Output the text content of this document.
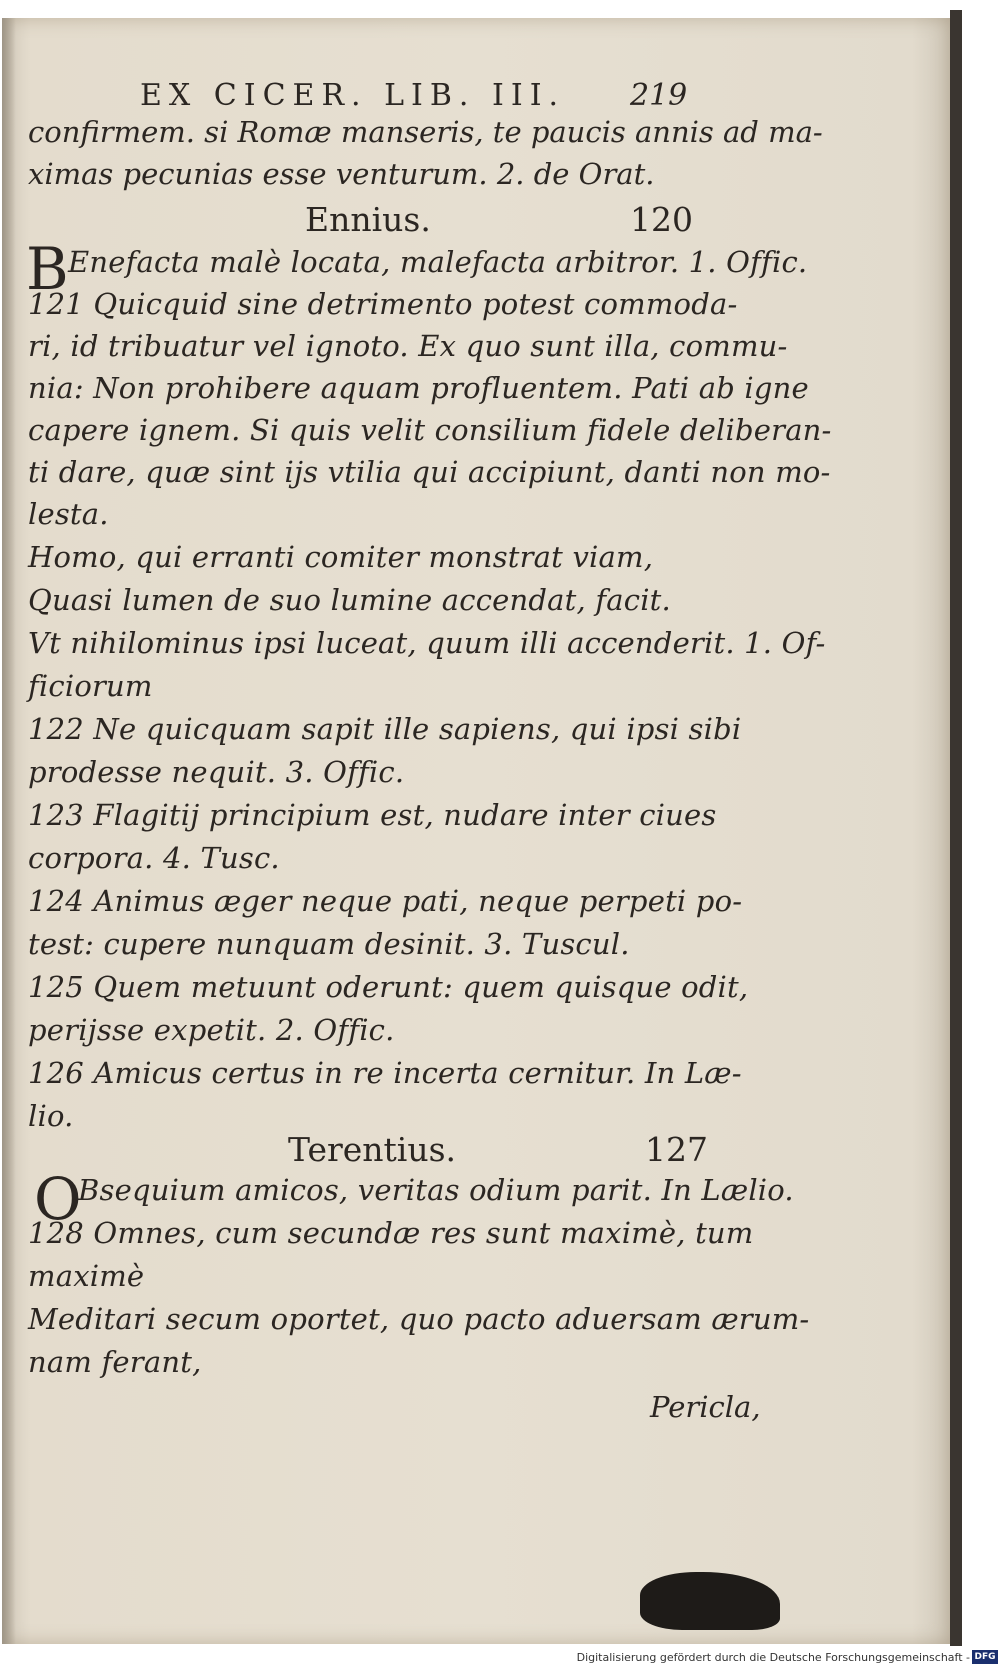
EX CICER. LIB. III. 219
confirmem. si Romæ manseris, te paucis annis ad ma-
ximas pecunias esse venturum. 2. de Orat.
Ennius.	120
B Enefacta malè locata, malefacta arbitror. 1. Offic.
121 Quicquid sine detrimento potest commoda-
ri, id tribuatur vel ignoto. Ex quo sunt illa, commu-
nia: Non prohibere aquam profluentem. Pati ab igne
capere ignem. Si quis velit consilium fidele deliberan-
ti dare, quæ sint ijs vtilia qui accipiunt, danti non mo-
lesta.
Homo, qui erranti comiter monstrat viam,
Quasi lumen de suo lumine accendat, facit.
Vt nihilominus ipsi luceat, quum illi accenderit. 1. Of-
ficiorum
122 Ne quicquam sapit ille sapiens, qui ipsi sibi
prodesse nequit. 3. Offic.
123 Flagitij principium est, nudare inter ciues
corpora. 4. Tusc.
124 Animus æger neque pati, neque perpeti po-
test: cupere nunquam desinit. 3. Tuscul.
125 Quem metuunt oderunt: quem quisque odit,
perijsse expetit. 2. Offic.
126 Amicus certus in re incerta cernitur. In Læ-
lio.
Terentius.	127
O
Bsequium amicos, veritas odium parit. In Lælio.
128 Omnes, cum secundæ res sunt maximè, tum
maximè
Meditari secum oportet, quo pacto aduersam ærum-
nam ferant,
Pericla,
Digitalisierung gefördert durch die Deutsche Forschungsgemeinschaft - DFG
